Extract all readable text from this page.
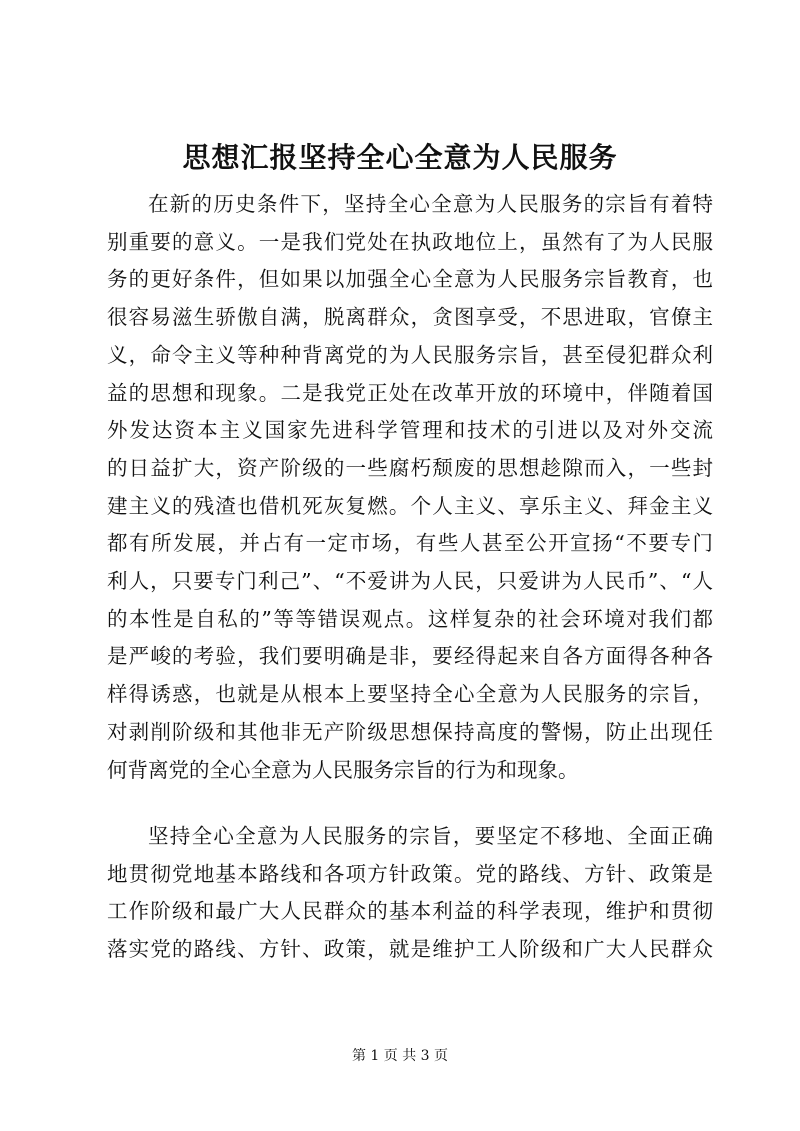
思想汇报坚持全心全意为人民服务
在新的历史条件下，坚持全心全意为人民服务的宗旨有着特
别重要的意义。一是我们党处在执政地位上，虽然有了为人民服
务的更好条件，但如果以加强全心全意为人民服务宗旨教育，也
很容易滋生骄傲自满，脱离群众，贪图享受，不思进取，官僚主
义，命令主义等种种背离党的为人民服务宗旨，甚至侵犯群众利
益的思想和现象。二是我党正处在改革开放的环境中，伴随着国
外发达资本主义国家先进科学管理和技术的引进以及对外交流
的日益扩大，资产阶级的一些腐朽颓废的思想趁隙而入，一些封
建主义的残渣也借机死灰复燃。个人主义、享乐主义、拜金主义
都有所发展，并占有一定市场，有些人甚至公开宣扬“不要专门
利人，只要专门利己”、“不爱讲为人民，只爱讲为人民币”、“人
的本性是自私的”等等错误观点。这样复杂的社会环境对我们都
是严峻的考验，我们要明确是非，要经得起来自各方面得各种各
样得诱惑，也就是从根本上要坚持全心全意为人民服务的宗旨，
对剥削阶级和其他非无产阶级思想保持高度的警惕，防止出现任
何背离党的全心全意为人民服务宗旨的行为和现象。
坚持全心全意为人民服务的宗旨，要坚定不移地、全面正确
地贯彻党地基本路线和各项方针政策。党的路线、方针、政策是
工作阶级和最广大人民群众的基本利益的科学表现，维护和贯彻
落实党的路线、方针、政策，就是维护工人阶级和广大人民群众

第 1 页 共 3 页
